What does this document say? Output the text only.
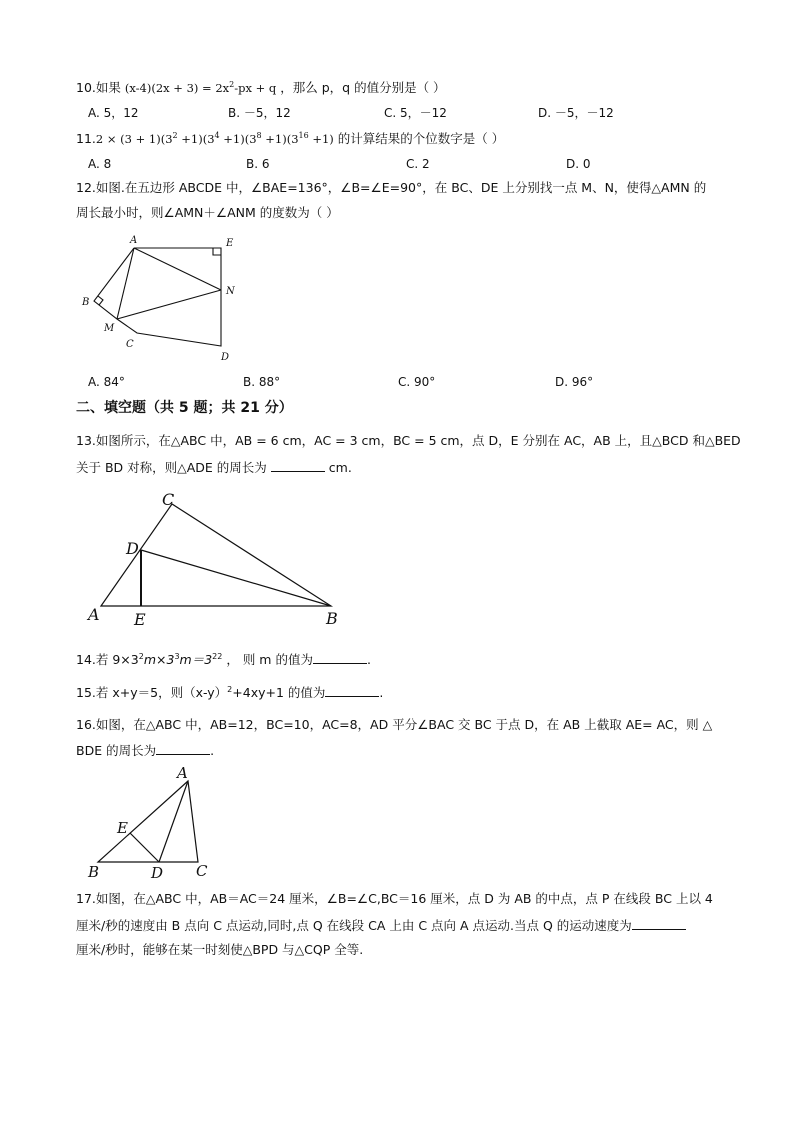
10.如果 $(x-4)(2x + 3) = 2x^2-px + q$ ，那么 p，q 的值分别是（ ）
A. 5，12	B. －5，12	C. 5，－12	D. －5，－12
$11.2 \times (3 + 1)(3^2 +1)(3^4 +1)(3^8 +1)(3^{16} +1)$ 的计算结果的个位数字是（ ）
A. 8	B. 6	C. 2	D. 0
12.如图.在五边形 ABCDE 中，∠BAE=136°，∠B=∠E=90°，在 BC、DE 上分别找一点 M、N，使得△AMN 的
周长最小时，则∠AMN＋∠ANM 的度数为（ ）
A	E
B
N
M
C
D
A. 84°	B. 88°	C. 90°	D. 96°
二、填空题（共 5 题；共 21 分）
13.如图所示，在△ABC 中，AB = 6 cm，AC = 3 cm，BC = 5 cm，点 D，E 分别在 AC，AB 上，且△BCD 和△BED
关于 BD 对称，则△ADE 的周长为	cm.
C
D
A E	B
14.若 $9\times 3^2m\times 3^3m=3^{22}$ ， 则 m 的值为	.
15.若 x+y＝5，则$(x-y)^2+4xy+1$ 的值为	.
16.如图，在△ABC 中，AB=12，BC=10，AC=8，AD 平分∠BAC 交 BC 于点 D，在 AB 上截取 AE= AC，则 △
BDE 的周长为	.
A
E
B	D C
17.如图，在△ABC 中，AB＝AC＝24 厘米，∠B=∠C,BC＝16 厘米，点 D 为 AB 的中点，点 P 在线段 BC 上以 4
厘米/秒的速度由 B 点向 C 点运动,同时,点 Q 在线段 CA 上由 C 点向 A 点运动.当点 Q 的运动速度为
厘米/秒时，能够在某一时刻使△BPD 与△CQP 全等.
